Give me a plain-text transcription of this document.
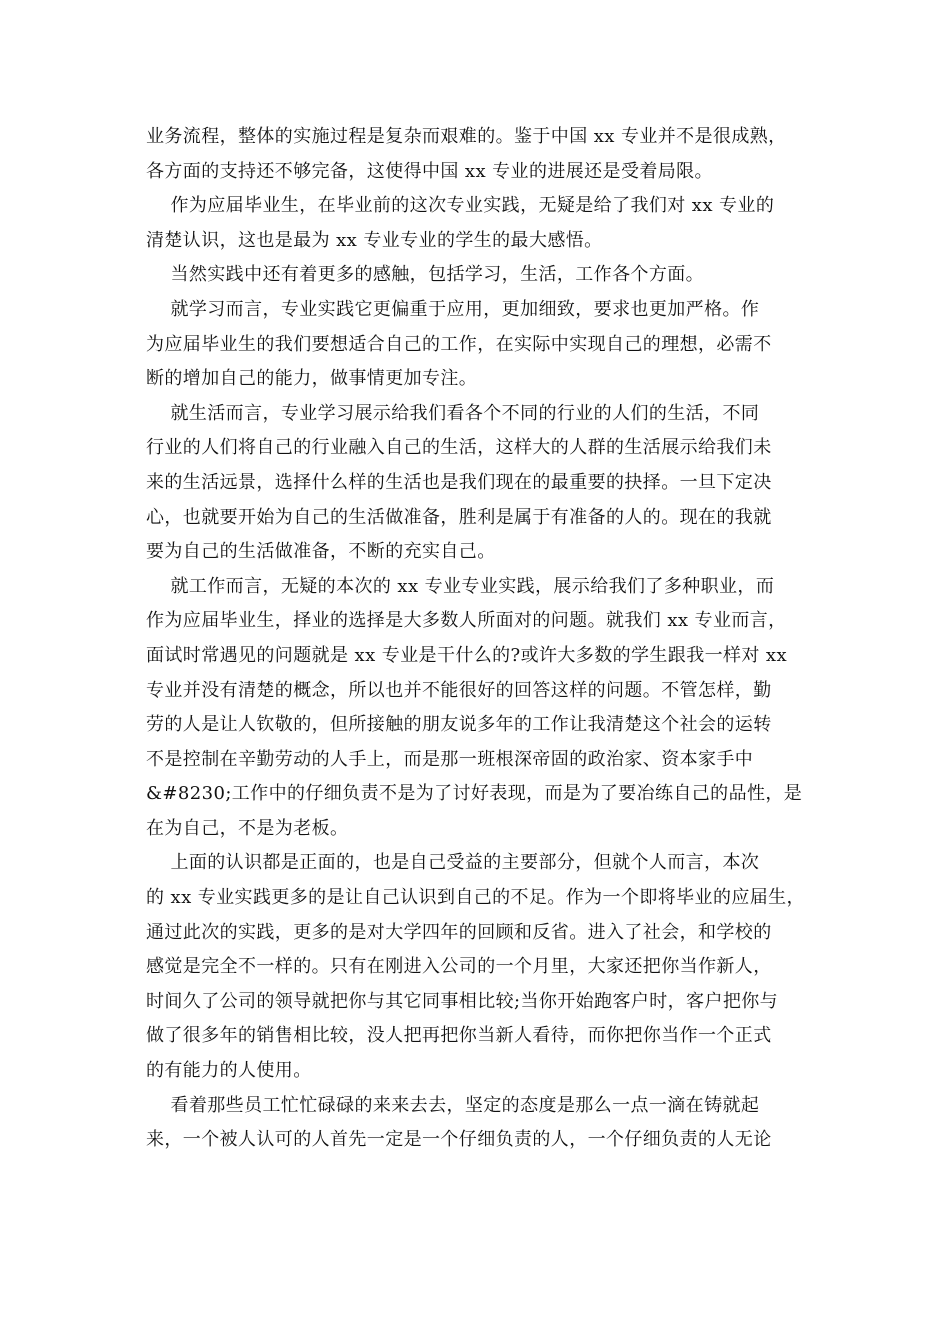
业务流程，整体的实施过程是复杂而艰难的。鉴于中国 xx 专业并不是很成熟，
各方面的支持还不够完备，这使得中国 xx 专业的进展还是受着局限。

作为应届毕业生，在毕业前的这次专业实践，无疑是给了我们对 xx 专业的
清楚认识，这也是最为 xx 专业专业的学生的最大感悟。

当然实践中还有着更多的感触，包括学习，生活，工作各个方面。

就学习而言，专业实践它更偏重于应用，更加细致，要求也更加严格。作
为应届毕业生的我们要想适合自己的工作，在实际中实现自己的理想，必需不
断的增加自己的能力，做事情更加专注。

就生活而言，专业学习展示给我们看各个不同的行业的人们的生活，不同
行业的人们将自己的行业融入自己的生活，这样大的人群的生活展示给我们未
来的生活远景，选择什么样的生活也是我们现在的最重要的抉择。一旦下定决
心，也就要开始为自己的生活做准备，胜利是属于有准备的人的。现在的我就
要为自己的生活做准备，不断的充实自己。

就工作而言，无疑的本次的 xx 专业专业实践，展示给我们了多种职业，而
作为应届毕业生，择业的选择是大多数人所面对的问题。就我们 xx 专业而言，
面试时常遇见的问题就是 xx 专业是干什么的?或许大多数的学生跟我一样对 xx
专业并没有清楚的概念，所以也并不能很好的回答这样的问题。不管怎样，勤
劳的人是让人钦敬的，但所接触的朋友说多年的工作让我清楚这个社会的运转
不是控制在辛勤劳动的人手上，而是那一班根深帝固的政治家、资本家手中
&#8230;工作中的仔细负责不是为了讨好表现，而是为了要冶练自己的品性，是
在为自己，不是为老板。

上面的认识都是正面的，也是自己受益的主要部分，但就个人而言，本次
的 xx 专业实践更多的是让自己认识到自己的不足。作为一个即将毕业的应届生，
通过此次的实践，更多的是对大学四年的回顾和反省。进入了社会，和学校的
感觉是完全不一样的。只有在刚进入公司的一个月里，大家还把你当作新人，
时间久了公司的领导就把你与其它同事相比较;当你开始跑客户时，客户把你与
做了很多年的销售相比较，没人把再把你当新人看待，而你把你当作一个正式
的有能力的人使用。

看着那些员工忙忙碌碌的来来去去，坚定的态度是那么一点一滴在铸就起
来，一个被人认可的人首先一定是一个仔细负责的人，一个仔细负责的人无论
